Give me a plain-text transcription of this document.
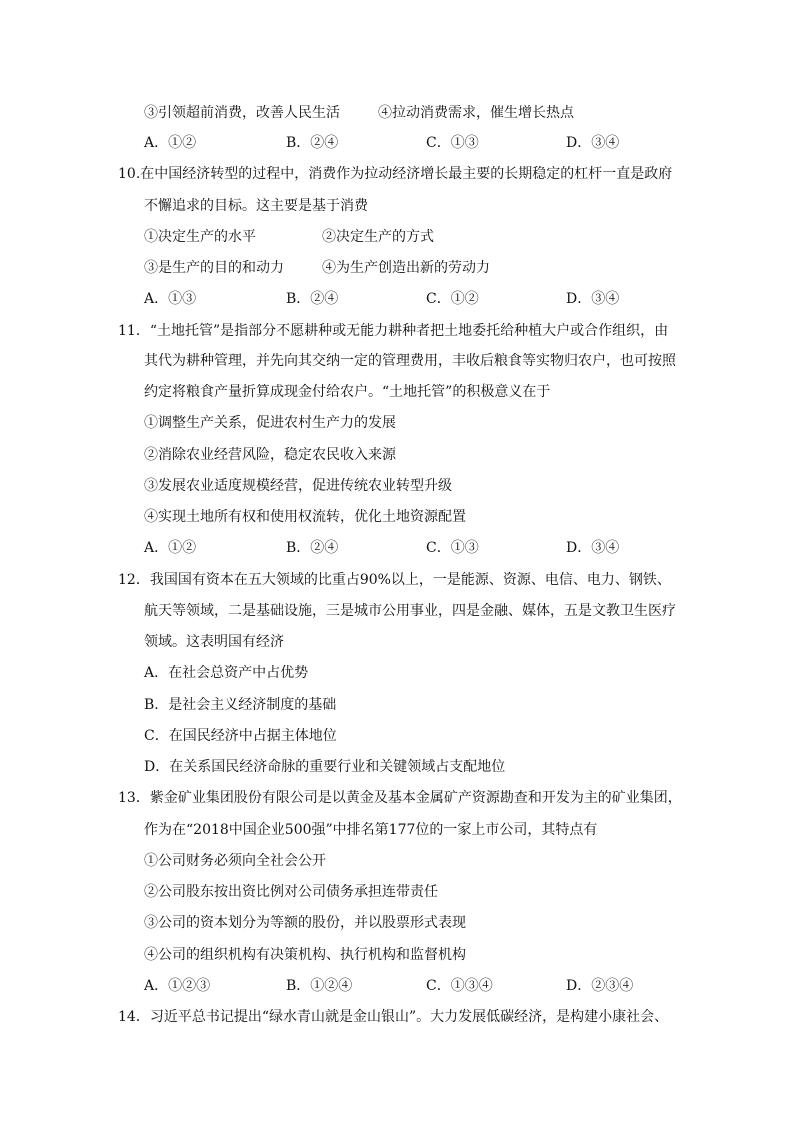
③引领超前消费，改善人民生活	④拉动消费需求，催生增长热点
A．①②	B．②④	C．①③	D．③④
10.在中国经济转型的过程中，消费作为拉动经济增长最主要的长期稳定的杠杆一直是政府
不懈追求的目标。这主要是基于消费
①决定生产的水平	②决定生产的方式
③是生产的目的和动力	④为生产创造出新的劳动力
A．①③	B．②④	C．①②	D．③④
11．“土地托管”是指部分不愿耕种或无能力耕种者把土地委托给种植大户或合作组织，由
其代为耕种管理，并先向其交纳一定的管理费用，丰收后粮食等实物归农户，也可按照
约定将粮食产量折算成现金付给农户。“土地托管”的积极意义在于
①调整生产关系，促进农村生产力的发展
②消除农业经营风险，稳定农民收入来源
③发展农业适度规模经营，促进传统农业转型升级
④实现土地所有权和使用权流转，优化土地资源配置
A．①②	B．②④	C．①③	D．③④
12．我国国有资本在五大领域的比重占90%以上，一是能源、资源、电信、电力、钢铁、
航天等领域，二是基础设施，三是城市公用事业，四是金融、媒体，五是文教卫生医疗
领域。这表明国有经济
A．在社会总资产中占优势
B．是社会主义经济制度的基础
C．在国民经济中占据主体地位
D．在关系国民经济命脉的重要行业和关键领域占支配地位
13．紫金矿业集团股份有限公司是以黄金及基本金属矿产资源勘查和开发为主的矿业集团，
作为在“2018中国企业500强”中排名第177位的一家上市公司，其特点有
①公司财务必须向全社会公开
②公司股东按出资比例对公司债务承担连带责任
③公司的资本划分为等额的股份，并以股票形式表现
④公司的组织机构有决策机构、执行机构和监督机构
A．①②③	B．①②④	C．①③④	D．②③④
14．习近平总书记提出“绿水青山就是金山银山”。大力发展低碳经济，是构建小康社会、
